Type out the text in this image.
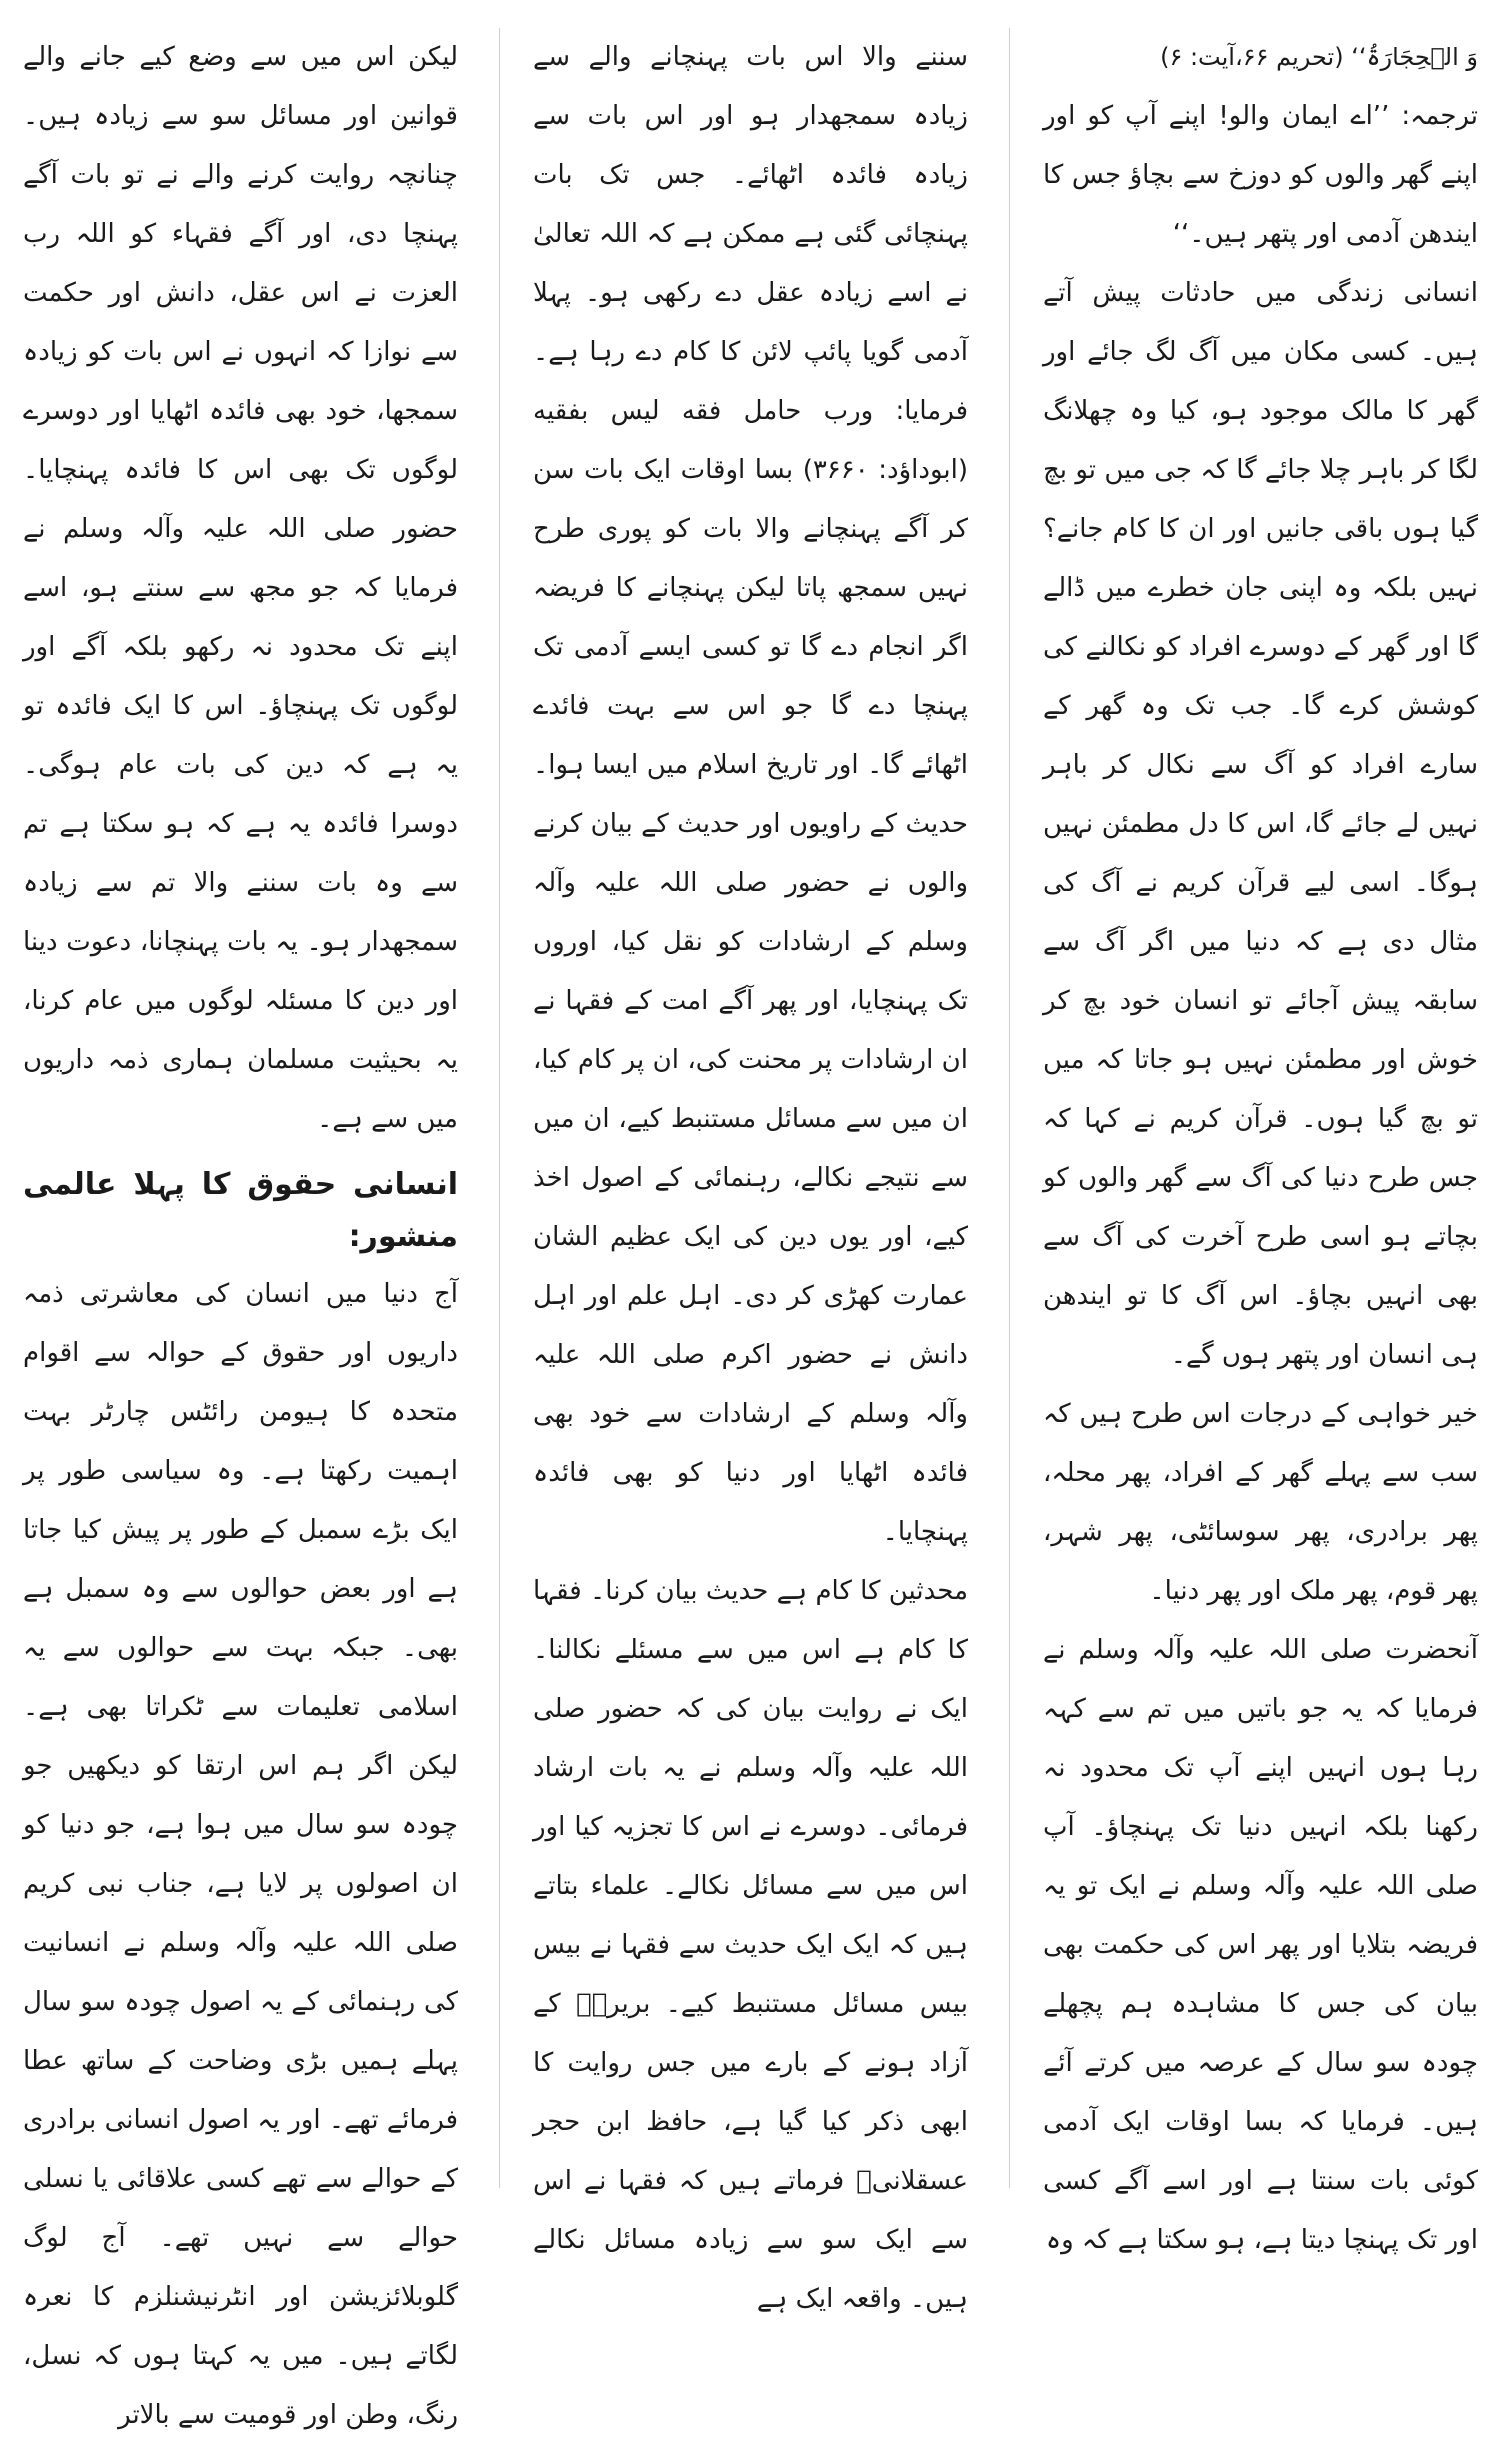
وَ الۡحِجَارَۃُ‘‘ (تحریم ۶۶،آیت: ۶)

ترجمہ: ’’اے ایمان والو! اپنے آپ کو اور اپنے گھر والوں کو دوزخ سے بچاؤ جس کا ایندھن آدمی اور پتھر ہیں۔‘‘

انسانی زندگی میں حادثات پیش آتے ہیں۔ کسی مکان میں آگ لگ جائے اور گھر کا مالک موجود ہو، کیا وہ چھلانگ لگا کر باہر چلا جائے گا کہ جی میں تو بچ گیا ہوں باقی جانیں اور ان کا کام جانے؟ نہیں بلکہ وہ اپنی جان خطرے میں ڈالے گا اور گھر کے دوسرے افراد کو نکالنے کی کوشش کرے گا۔ جب تک وہ گھر کے سارے افراد کو آگ سے نکال کر باہر نہیں لے جائے گا، اس کا دل مطمئن نہیں ہوگا۔ اسی لیے قرآن کریم نے آگ کی مثال دی ہے کہ دنیا میں اگر آگ سے سابقہ پیش آجائے تو انسان خود بچ کر خوش اور مطمئن نہیں ہو جاتا کہ میں تو بچ گیا ہوں۔ قرآن کریم نے کہا کہ جس طرح دنیا کی آگ سے گھر والوں کو بچاتے ہو اسی طرح آخرت کی آگ سے بھی انہیں بچاؤ۔ اس آگ کا تو ایندھن ہی انسان اور پتھر ہوں گے۔

خیر خواہی کے درجات اس طرح ہیں کہ سب سے پہلے گھر کے افراد، پھر محلہ، پھر برادری، پھر سوسائٹی، پھر شہر، پھر قوم، پھر ملک اور پھر دنیا۔

آنحضرت صلی اللہ علیہ وآلہ وسلم نے فرمایا کہ یہ جو باتیں میں تم سے کہہ رہا ہوں انہیں اپنے آپ تک محدود نہ رکھنا بلکہ انہیں دنیا تک پہنچاؤ۔ آپ صلی اللہ علیہ وآلہ وسلم نے ایک تو یہ فریضہ بتلایا اور پھر اس کی حکمت بھی بیان کی جس کا مشاہدہ ہم پچھلے چودہ سو سال کے عرصہ میں کرتے آئے ہیں۔ فرمایا کہ بسا اوقات ایک آدمی کوئی بات سنتا ہے اور اسے آگے کسی اور تک پہنچا دیتا ہے، ہو سکتا ہے کہ وہ

سننے والا اس بات پہنچانے والے سے زیادہ سمجھدار ہو اور اس بات سے زیادہ فائدہ اٹھائے۔ جس تک بات پہنچائی گئی ہے ممکن ہے کہ اللہ تعالیٰ نے اسے زیادہ عقل دے رکھی ہو۔ پہلا آدمی گویا پائپ لائن کا کام دے رہا ہے۔ فرمایا: ورب حامل فقه ليس بفقيه (ابوداؤد: ۳۶۶۰) بسا اوقات ایک بات سن کر آگے پہنچانے والا بات کو پوری طرح نہیں سمجھ پاتا لیکن پہنچانے کا فریضہ اگر انجام دے گا تو کسی ایسے آدمی تک پہنچا دے گا جو اس سے بہت فائدے اٹھائے گا۔ اور تاریخ اسلام میں ایسا ہوا۔ حدیث کے راویوں اور حدیث کے بیان کرنے والوں نے حضور صلی اللہ علیہ وآلہ وسلم کے ارشادات کو نقل کیا، اوروں تک پہنچایا، اور پھر آگے امت کے فقہا نے ان ارشادات پر محنت کی، ان پر کام کیا، ان میں سے مسائل مستنبط کیے، ان میں سے نتیجے نکالے، رہنمائی کے اصول اخذ کیے، اور یوں دین کی ایک عظیم الشان عمارت کھڑی کر دی۔ اہل علم اور اہل دانش نے حضور اکرم صلی اللہ علیہ وآلہ وسلم کے ارشادات سے خود بھی فائدہ اٹھایا اور دنیا کو بھی فائدہ پہنچایا۔

محدثین کا کام ہے حدیث بیان کرنا۔ فقہا کا کام ہے اس میں سے مسئلے نکالنا۔ ایک نے روایت بیان کی کہ حضور صلی اللہ علیہ وآلہ وسلم نے یہ بات ارشاد فرمائی۔ دوسرے نے اس کا تجزیہ کیا اور اس میں سے مسائل نکالے۔ علماء بتاتے ہیں کہ ایک ایک حدیث سے فقہا نے بیس بیس مسائل مستنبط کیے۔ بریرہؓ کے آزاد ہونے کے بارے میں جس روایت کا ابھی ذکر کیا گیا ہے، حافظ ابن حجر عسقلانیؒ فرماتے ہیں کہ فقہا نے اس سے ایک سو سے زیادہ مسائل نکالے ہیں۔ واقعہ ایک ہے

لیکن اس میں سے وضع کیے جانے والے قوانین اور مسائل سو سے زیادہ ہیں۔ چنانچہ روایت کرنے والے نے تو بات آگے پہنچا دی، اور آگے فقہاء کو اللہ رب العزت نے اس عقل، دانش اور حکمت سے نوازا کہ انہوں نے اس بات کو زیادہ سمجھا، خود بھی فائدہ اٹھایا اور دوسرے لوگوں تک بھی اس کا فائدہ پہنچایا۔ حضور صلی اللہ علیہ وآلہ وسلم نے فرمایا کہ جو مجھ سے سنتے ہو، اسے اپنے تک محدود نہ رکھو بلکہ آگے اور لوگوں تک پہنچاؤ۔ اس کا ایک فائدہ تو یہ ہے کہ دین کی بات عام ہوگی۔ دوسرا فائدہ یہ ہے کہ ہو سکتا ہے تم سے وہ بات سننے والا تم سے زیادہ سمجھدار ہو۔ یہ بات پہنچانا، دعوت دینا اور دین کا مسئلہ لوگوں میں عام کرنا، یہ بحیثیت مسلمان ہماری ذمہ داریوں میں سے ہے۔

انسانی حقوق کا پہلا عالمی منشور:

آج دنیا میں انسان کی معاشرتی ذمہ داریوں اور حقوق کے حوالہ سے اقوام متحدہ کا ہیومن رائٹس چارٹر بہت اہمیت رکھتا ہے۔ وہ سیاسی طور پر ایک بڑے سمبل کے طور پر پیش کیا جاتا ہے اور بعض حوالوں سے وہ سمبل ہے بھی۔ جبکہ بہت سے حوالوں سے یہ اسلامی تعلیمات سے ٹکراتا بھی ہے۔ لیکن اگر ہم اس ارتقا کو دیکھیں جو چودہ سو سال میں ہوا ہے، جو دنیا کو ان اصولوں پر لایا ہے، جناب نبی کریم صلی اللہ علیہ وآلہ وسلم نے انسانیت کی رہنمائی کے یہ اصول چودہ سو سال پہلے ہمیں بڑی وضاحت کے ساتھ عطا فرمائے تھے۔ اور یہ اصول انسانی برادری کے حوالے سے تھے کسی علاقائی یا نسلی حوالے سے نہیں تھے۔ آج لوگ گلوبلائزیشن اور انٹرنیشنلزم کا نعرہ لگاتے ہیں۔ میں یہ کہتا ہوں کہ نسل، رنگ، وطن اور قومیت سے بالاتر
